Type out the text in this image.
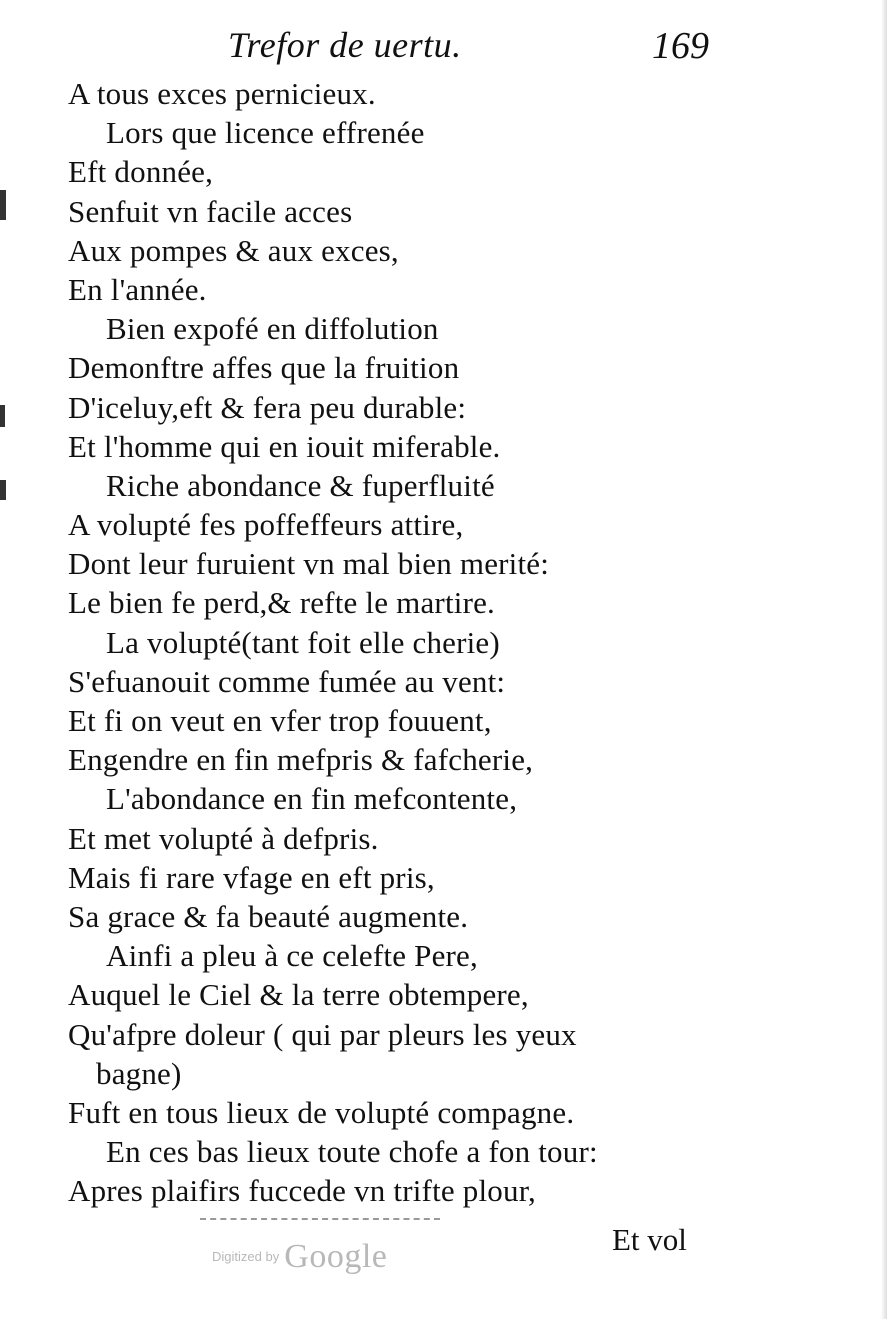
Trefor de uertu.	169
A tous exces pernicieux.
Lors que licence effrenée
Eft donnée,
Senfuit vn facile acces
Aux pompes & aux exces,
En l'année.
Bien expofé en diffolution
Demonftre affes que la fruition
D'iceluy,eft & fera peu durable:
Et l'homme qui en iouit miferable.
Riche abondance & fuperfluité
A volupté fes poffeffeurs attire,
Dont leur furuient vn mal bien merité:
Le bien fe perd,& refte le martire.
La volupté(tant foit elle cherie)
S'efuanouit comme fumée au vent:
Et fi on veut en vfer trop fouuent,
Engendre en fin mefpris & fafcherie,
L'abondance en fin mefcontente,
Et met volupté à defpris.
Mais fi rare vfage en eft pris,
Sa grace & fa beauté augmente.
Ainfi a pleu à ce celefte Pere,
Auquel le Ciel & la terre obtempere,
Qu'afpre doleur ( qui par pleurs les yeux
bagne)
Fuft en tous lieux de volupté compagne.
En ces bas lieux toute chofe a fon tour:
Apres plaifirs fuccede vn trifte plour,
$^{Digitized by}$ Google	Et vol
